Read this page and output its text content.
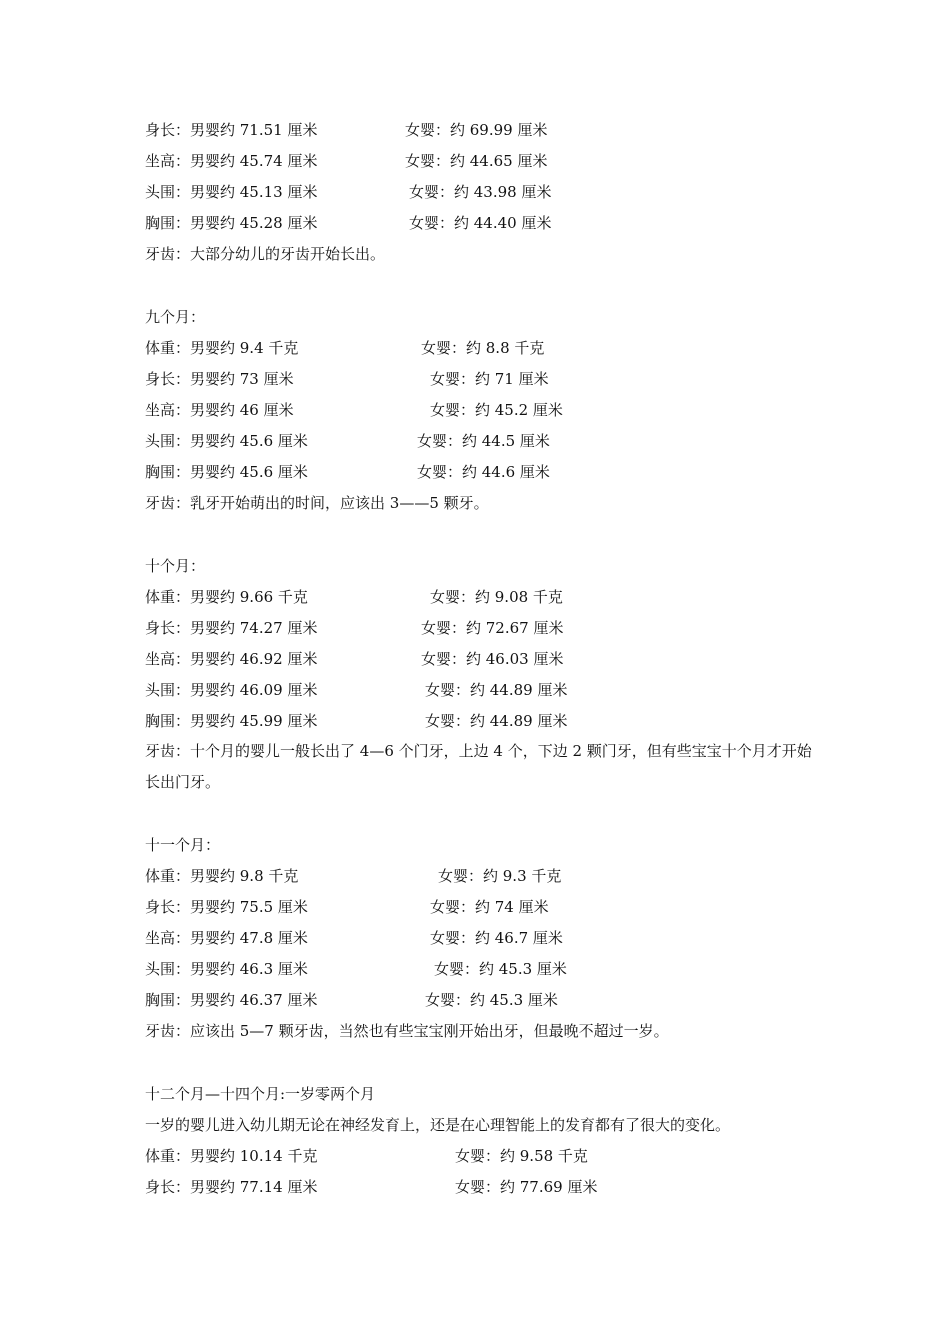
身长：男婴约 71.51 厘米	女婴：约 69.99 厘米
坐高：男婴约 45.74 厘米	女婴：约 44.65 厘米
头围：男婴约 45.13 厘米	女婴：约 43.98 厘米
胸围：男婴约 45.28 厘米	女婴：约 44.40 厘米
牙齿：大部分幼儿的牙齿开始长出。
九个月：
体重：男婴约 9.4 千克	女婴：约 8.8 千克
身长：男婴约 73 厘米	女婴：约 71 厘米
坐高：男婴约 46 厘米	女婴：约 45.2 厘米
头围：男婴约 45.6 厘米	女婴：约 44.5 厘米
胸围：男婴约 45.6 厘米	女婴：约 44.6 厘米
牙齿：乳牙开始萌出的时间，应该出 3——5 颗牙。
十个月：
体重：男婴约 9.66 千克	女婴：约 9.08 千克
身长：男婴约 74.27 厘米	女婴：约 72.67 厘米
坐高：男婴约 46.92 厘米	女婴：约 46.03 厘米
头围：男婴约 46.09 厘米	女婴：约 44.89 厘米
胸围：男婴约 45.99 厘米	女婴：约 44.89 厘米
牙齿：十个月的婴儿一般长出了 4—6 个门牙，上边 4 个，下边 2 颗门牙，但有些宝宝十个月才开始长出门牙。
十一个月：
体重：男婴约 9.8 千克	女婴：约 9.3 千克
身长：男婴约 75.5 厘米	女婴：约 74 厘米
坐高：男婴约 47.8 厘米	女婴：约 46.7 厘米
头围：男婴约 46.3 厘米	女婴：约 45.3 厘米
胸围：男婴约 46.37 厘米	女婴：约 45.3 厘米
牙齿：应该出 5—7 颗牙齿，当然也有些宝宝刚开始出牙，但最晚不超过一岁。
十二个月—十四个月:一岁零两个月
一岁的婴儿进入幼儿期无论在神经发育上，还是在心理智能上的发育都有了很大的变化。
体重：男婴约 10.14 千克	女婴：约 9.58 千克
身长：男婴约 77.14 厘米	女婴：约 77.69 厘米
